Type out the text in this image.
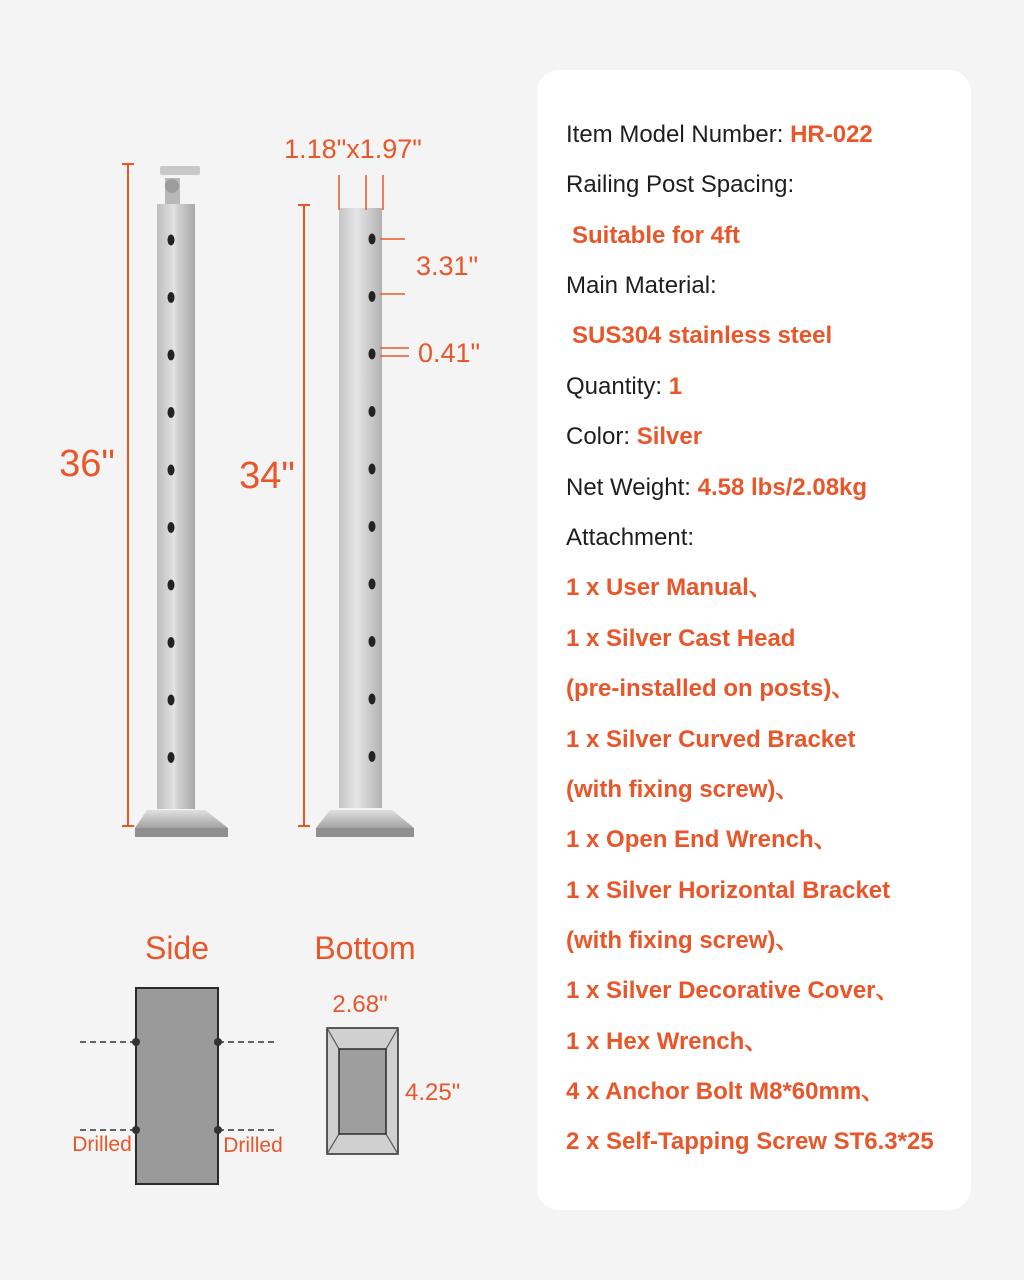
36"	34"
1.18"x1.97"
3.31"
0.41"
Side
Drilled	Drilled
Bottom
2.68"
4.25"
Item Model Number: HR-022
Railing Post Spacing:
Suitable for 4ft
Main Material:
SUS304 stainless steel
Quantity: 1
Color: Silver
Net Weight: 4.58 lbs/2.08kg
Attachment:
1 x User Manual、
1 x Silver Cast Head
(pre-installed on posts)、
1 x Silver Curved Bracket
(with fixing screw)、
1 x Open End Wrench、
1 x Silver Horizontal Bracket
(with fixing screw)、
1 x Silver Decorative Cover、
1 x Hex Wrench、
4 x Anchor Bolt M8*60mm、
2 x Self-Tapping Screw ST6.3*25
